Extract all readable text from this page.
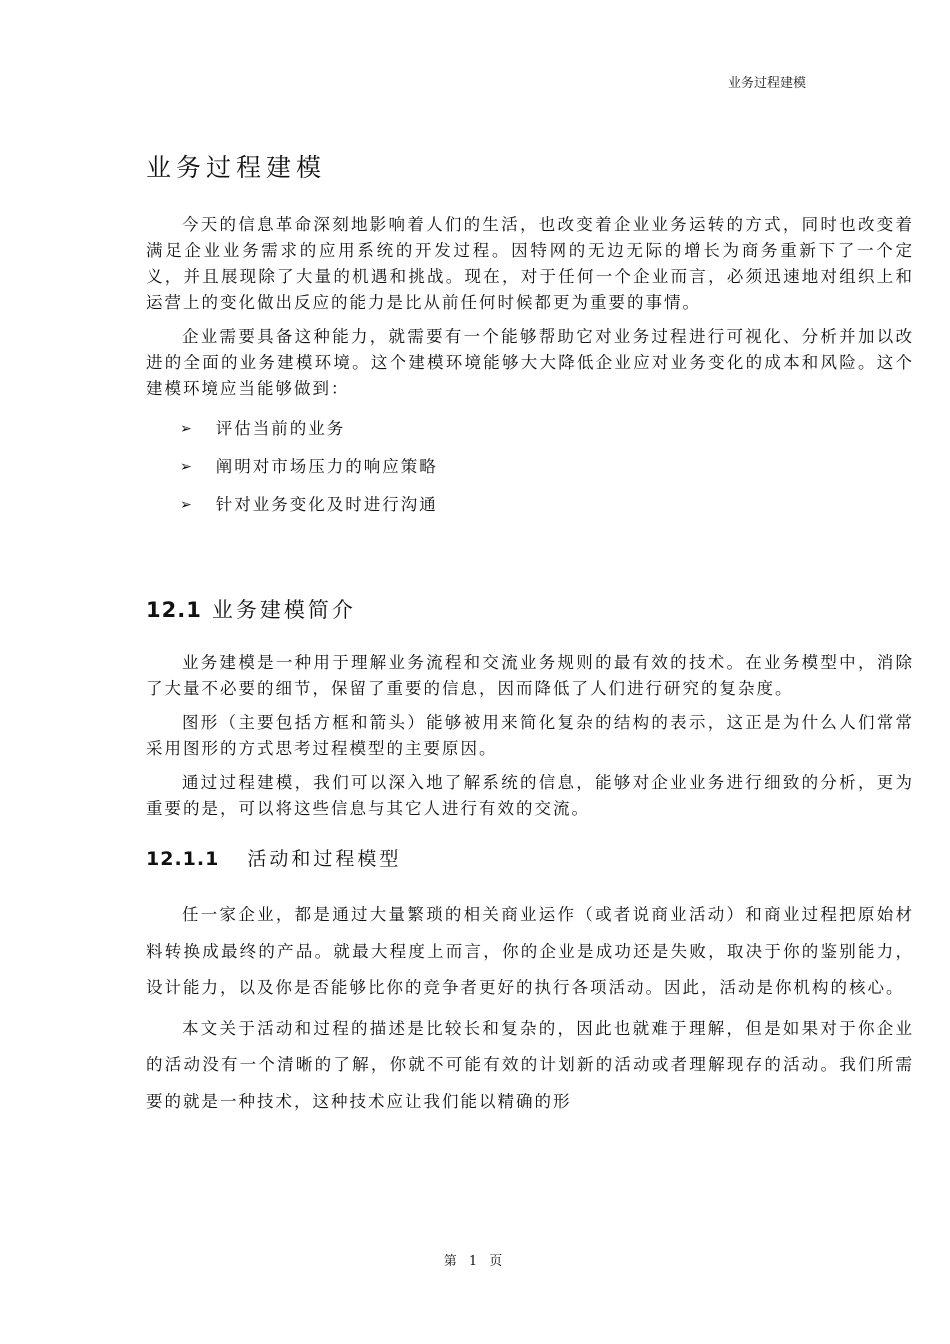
业务过程建模
业务过程建模

今天的信息革命深刻地影响着人们的生活，也改变着企业业务运转的方式，同时也改变着满足企业业务需求的应用系统的开发过程。因特网的无边无际的增长为商务重新下了一个定义，并且展现除了大量的机遇和挑战。现在，对于任何一个企业而言，必须迅速地对组织上和运营上的变化做出反应的能力是比从前任何时候都更为重要的事情。

企业需要具备这种能力，就需要有一个能够帮助它对业务过程进行可视化、分析并加以改进的全面的业务建模环境。这个建模环境能够大大降低企业应对业务变化的成本和风险。这个建模环境应当能够做到：

➢ 评估当前的业务
➢ 阐明对市场压力的响应策略
➢ 针对业务变化及时进行沟通
12.1 业务建模简介

业务建模是一种用于理解业务流程和交流业务规则的最有效的技术。在业务模型中，消除了大量不必要的细节，保留了重要的信息，因而降低了人们进行研究的复杂度。

图形（主要包括方框和箭头）能够被用来简化复杂的结构的表示，这正是为什么人们常常采用图形的方式思考过程模型的主要原因。

通过过程建模，我们可以深入地了解系统的信息，能够对企业业务进行细致的分析，更为重要的是，可以将这些信息与其它人进行有效的交流。

12.1.1 活动和过程模型

任一家企业，都是通过大量繁琐的相关商业运作（或者说商业活动）和商业过程把原始材料转换成最终的产品。就最大程度上而言，你的企业是成功还是失败，取决于你的鉴别能力，设计能力，以及你是否能够比你的竞争者更好的执行各项活动。因此，活动是你机构的核心。

本文关于活动和过程的描述是比较长和复杂的，因此也就难于理解，但是如果对于你企业的活动没有一个清晰的了解，你就不可能有效的计划新的活动或者理解现存的活动。我们所需要的就是一种技术，这种技术应让我们能以精确的形

第 1 页
